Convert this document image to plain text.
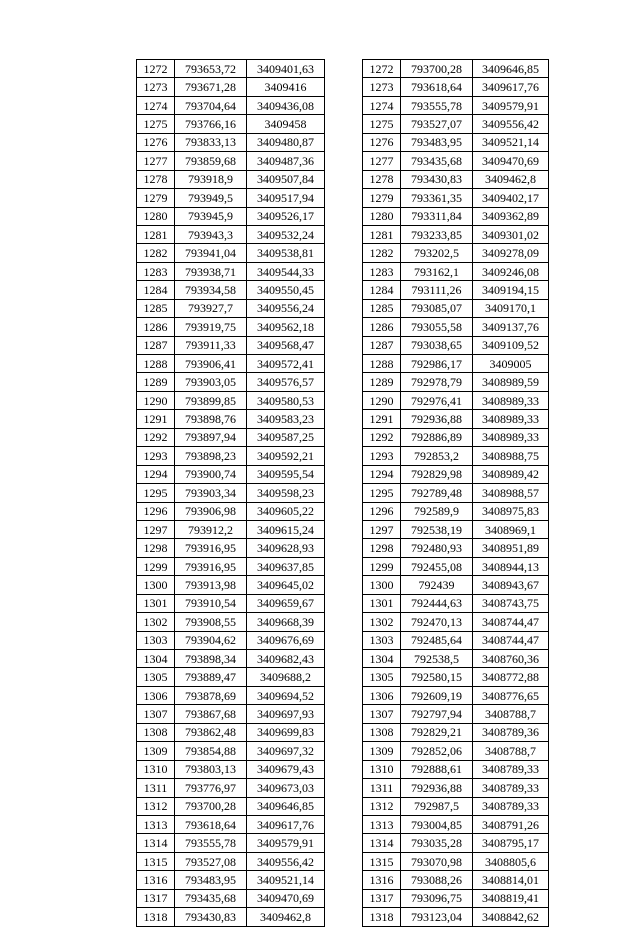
1272	793653,72	3409401,63
1273	793671,28	3409416
1274	793704,64	3409436,08
1275	793766,16	3409458
1276	793833,13	3409480,87
1277	793859,68	3409487,36
1278	793918,9	3409507,84
1279	793949,5	3409517,94
1280	793945,9	3409526,17
1281	793943,3	3409532,24
1282	793941,04	3409538,81
1283	793938,71	3409544,33
1284	793934,58	3409550,45
1285	793927,7	3409556,24
1286	793919,75	3409562,18
1287	793911,33	3409568,47
1288	793906,41	3409572,41
1289	793903,05	3409576,57
1290	793899,85	3409580,53
1291	793898,76	3409583,23
1292	793897,94	3409587,25
1293	793898,23	3409592,21
1294	793900,74	3409595,54
1295	793903,34	3409598,23
1296	793906,98	3409605,22
1297	793912,2	3409615,24
1298	793916,95	3409628,93
1299	793916,95	3409637,85
1300	793913,98	3409645,02
1301	793910,54	3409659,67
1302	793908,55	3409668,39
1303	793904,62	3409676,69
1304	793898,34	3409682,43
1305	793889,47	3409688,2
1306	793878,69	3409694,52
1307	793867,68	3409697,93
1308	793862,48	3409699,83
1309	793854,88	3409697,32
1310	793803,13	3409679,43
1311	793776,97	3409673,03
1312	793700,28	3409646,85
1313	793618,64	3409617,76
1314	793555,78	3409579,91
1315	793527,08	3409556,42
1316	793483,95	3409521,14
1317	793435,68	3409470,69
1318	793430,83	3409462,8
1272	793700,28	3409646,85
1273	793618,64	3409617,76
1274	793555,78	3409579,91
1275	793527,07	3409556,42
1276	793483,95	3409521,14
1277	793435,68	3409470,69
1278	793430,83	3409462,8
1279	793361,35	3409402,17
1280	793311,84	3409362,89
1281	793233,85	3409301,02
1282	793202,5	3409278,09
1283	793162,1	3409246,08
1284	793111,26	3409194,15
1285	793085,07	3409170,1
1286	793055,58	3409137,76
1287	793038,65	3409109,52
1288	792986,17	3409005
1289	792978,79	3408989,59
1290	792976,41	3408989,33
1291	792936,88	3408989,33
1292	792886,89	3408989,33
1293	792853,2	3408988,75
1294	792829,98	3408989,42
1295	792789,48	3408988,57
1296	792589,9	3408975,83
1297	792538,19	3408969,1
1298	792480,93	3408951,89
1299	792455,08	3408944,13
1300	792439	3408943,67
1301	792444,63	3408743,75
1302	792470,13	3408744,47
1303	792485,64	3408744,47
1304	792538,5	3408760,36
1305	792580,15	3408772,88
1306	792609,19	3408776,65
1307	792797,94	3408788,7
1308	792829,21	3408789,36
1309	792852,06	3408788,7
1310	792888,61	3408789,33
1311	792936,88	3408789,33
1312	792987,5	3408789,33
1313	793004,85	3408791,26
1314	793035,28	3408795,17
1315	793070,98	3408805,6
1316	793088,26	3408814,01
1317	793096,75	3408819,41
1318	793123,04	3408842,62
